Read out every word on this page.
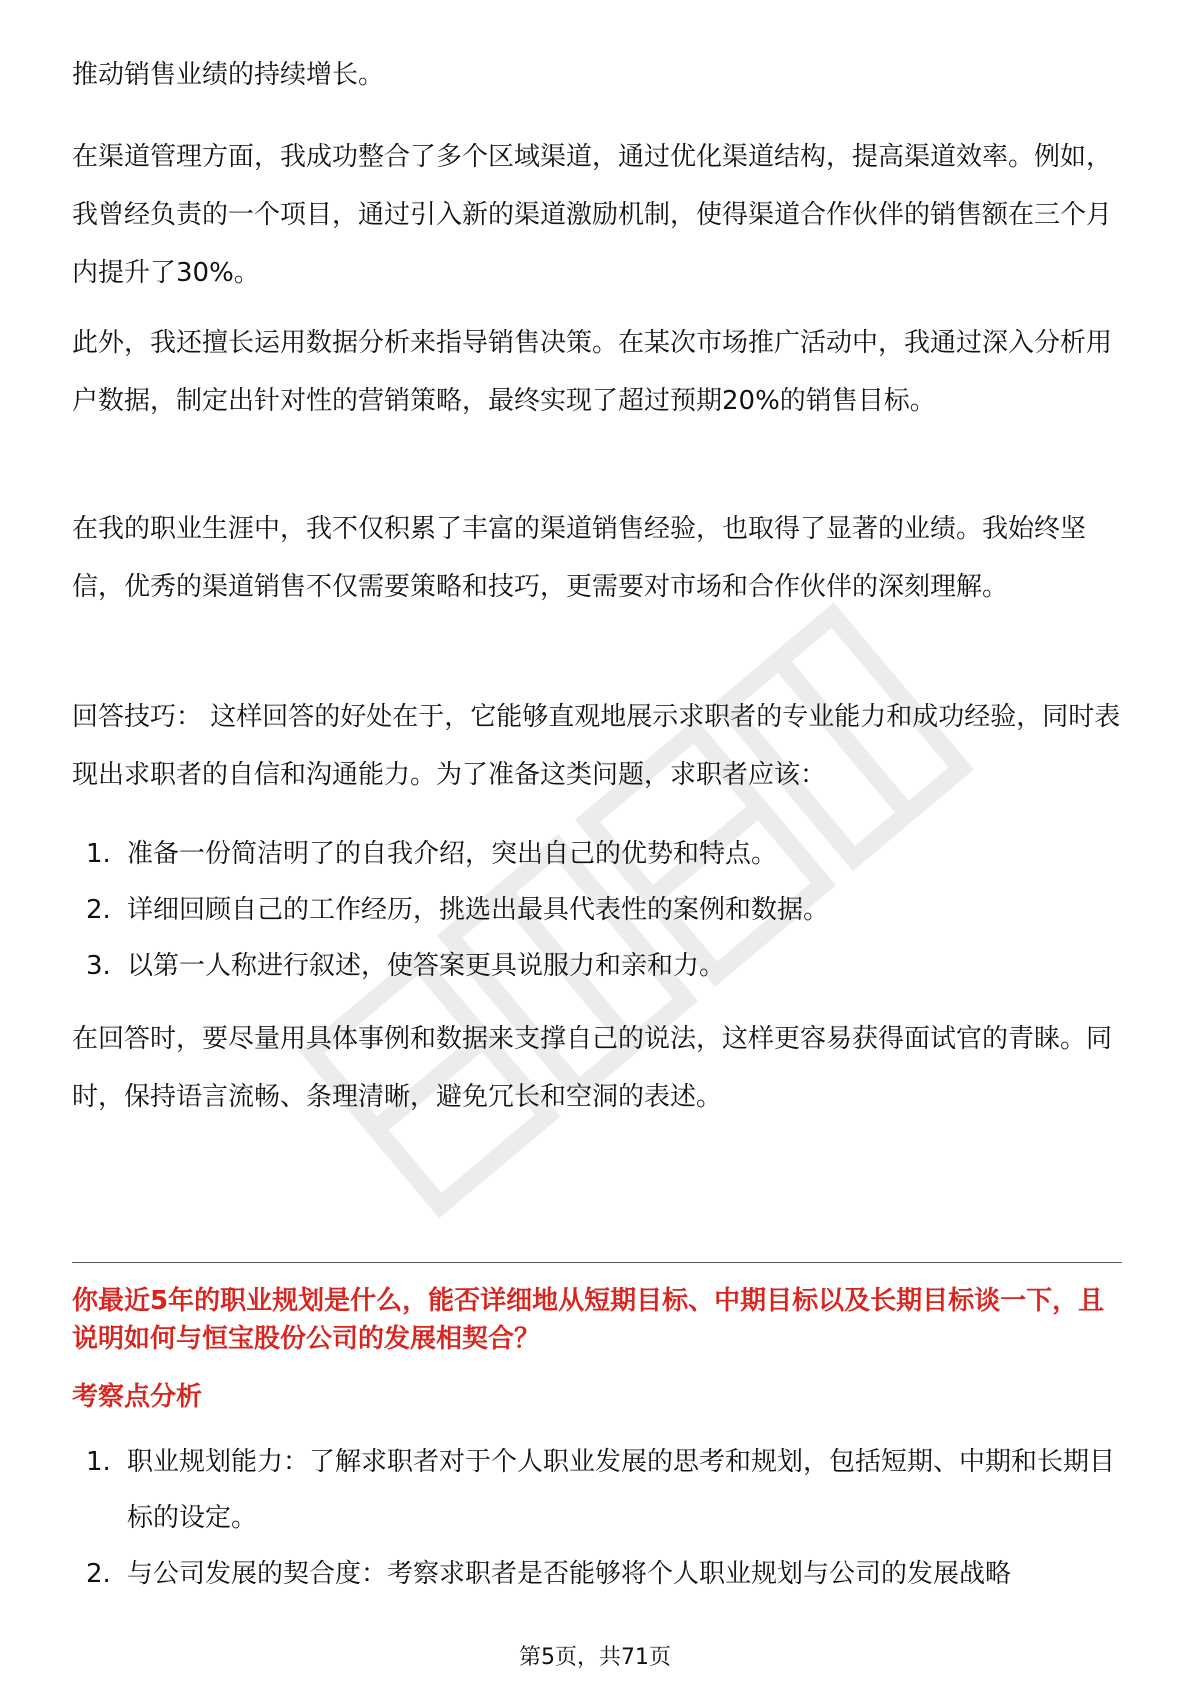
推动销售业绩的持续增长。

在渠道管理方面，我成功整合了多个区域渠道，通过优化渠道结构，提高渠道效率。例如，我曾经负责的一个项目，通过引入新的渠道激励机制，使得渠道合作伙伴的销售额在三个月内提升了30%。

此外，我还擅长运用数据分析来指导销售决策。在某次市场推广活动中，我通过深入分析用户数据，制定出针对性的营销策略，最终实现了超过预期20%的销售目标。

在我的职业生涯中，我不仅积累了丰富的渠道销售经验，也取得了显著的业绩。我始终坚信，优秀的渠道销售不仅需要策略和技巧，更需要对市场和合作伙伴的深刻理解。

回答技巧： 这样回答的好处在于，它能够直观地展示求职者的专业能力和成功经验，同时表现出求职者的自信和沟通能力。为了准备这类问题，求职者应该：

1. 准备一份简洁明了的自我介绍，突出自己的优势和特点。
2. 详细回顾自己的工作经历，挑选出最具代表性的案例和数据。
3. 以第一人称进行叙述，使答案更具说服力和亲和力。

在回答时，要尽量用具体事例和数据来支撑自己的说法，这样更容易获得面试官的青睐。同时，保持语言流畅、条理清晰，避免冗长和空洞的表述。

你最近5年的职业规划是什么，能否详细地从短期目标、中期目标以及长期目标谈一下，且说明如何与恒宝股份公司的发展相契合？

考察点分析

1. 职业规划能力：了解求职者对于个人职业发展的思考和规划，包括短期、中期和长期目标的设定。
2. 与公司发展的契合度：考察求职者是否能够将个人职业规划与公司的发展战略
第5页，共71页
